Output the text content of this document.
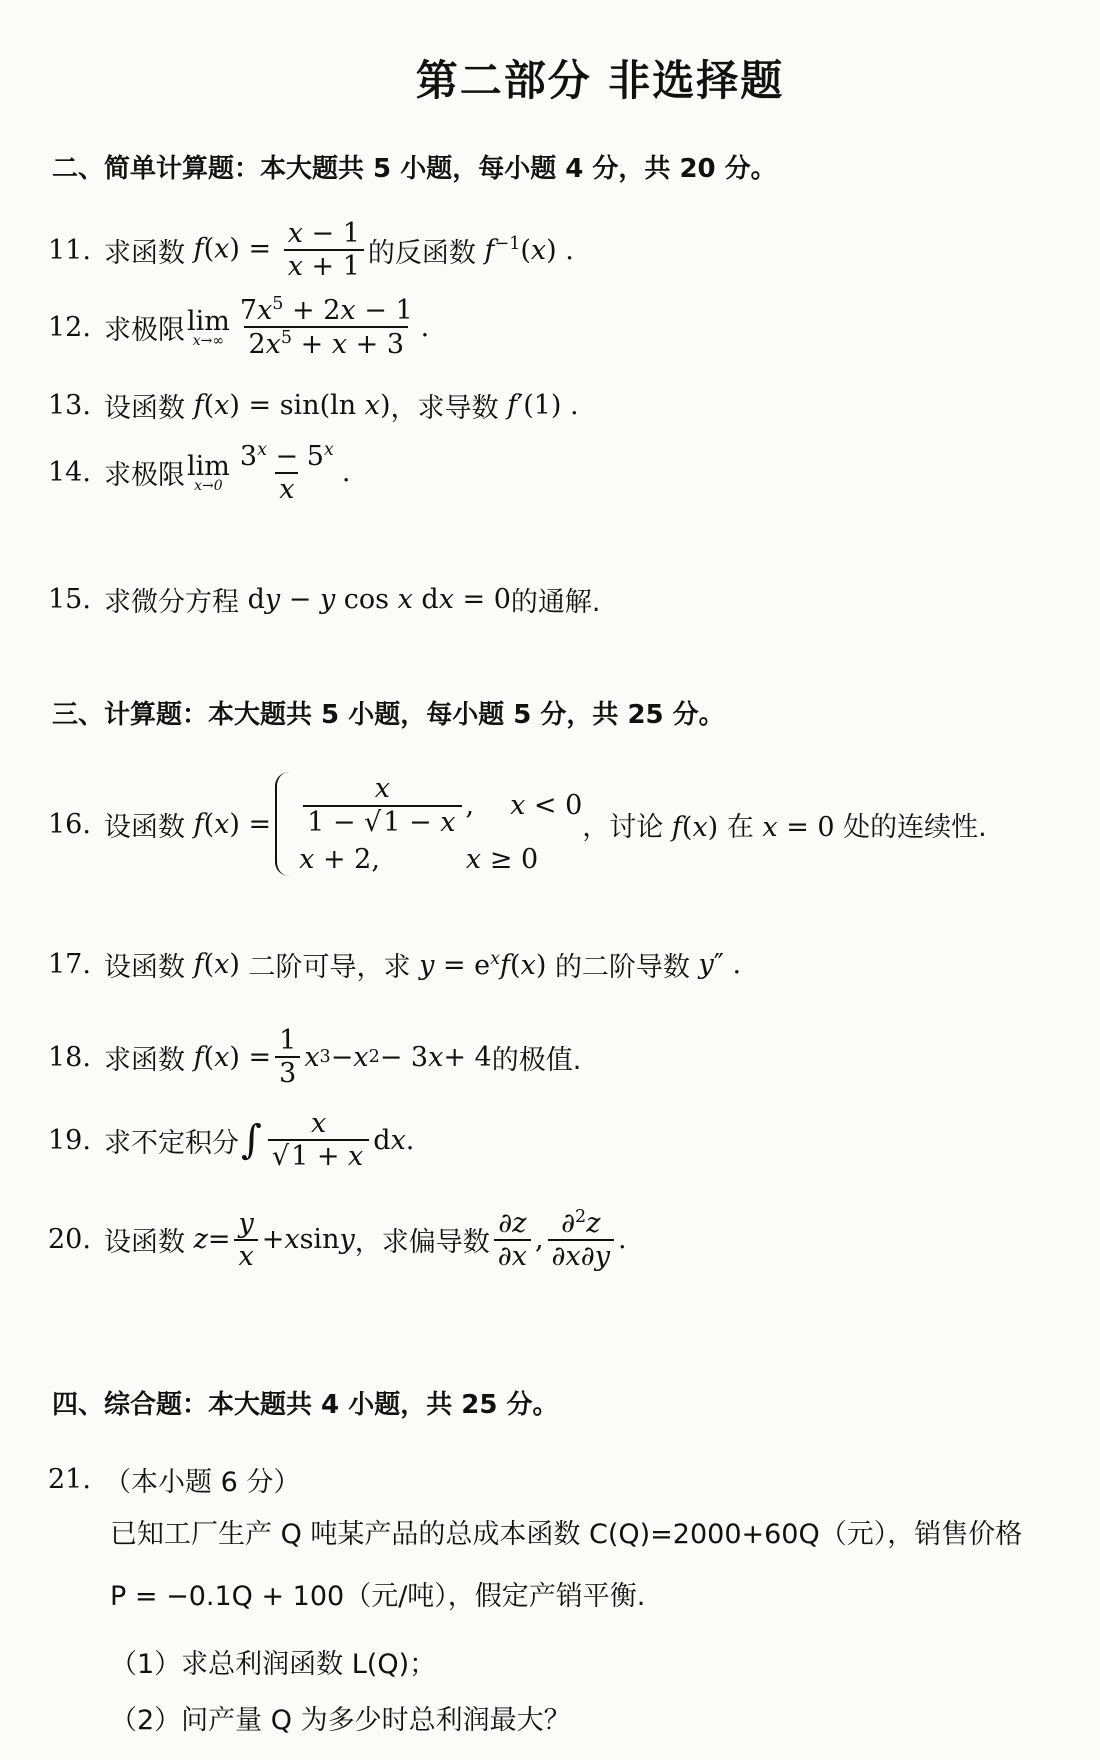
第二部分 非选择题
二、简单计算题：本大题共 5 小题，每小题 4 分，共 20 分。
11. 求函数 $f(x) = \frac{x - 1}{x + 1}$ 的反函数 $f^{-1}(x)$ .
12. 求极限 lim
$x\to\infty \frac{7x^5 + 2x - 1}{2x^5 + x + 3}$ .
13. 设函数 f(x) = sin(ln x) ，求导数 f′(1) .
14. 求极限 lim
$x\to 0 \frac{3^x - 5^x}{x}$ .
15. 求微分方程 dy − y cos x dx = 0 的通解.
三、计算题：本大题共 5 小题，每小题 5 分，共 25 分。
16. 设函数
f ( x ) = $\frac{x}{1 - √1 - x}$ , x < 0
x + 2,	x ≥ 0
，讨论 f(x) 在 x = 0 处的连续性.
17. 设函数 f(x) 二阶可导，求 $y = e^xf(x)$ 的二阶导数 y″ .
18. 求函数
f ( x ) = $\frac{1}{3}$ x 3 − x 2 − 3 x + 4 的极值.
19. 求不定积分 ∫ $\frac{x}{√1 + x}$ d x .
20. 设函数
$z = \frac{y}{x} + x$ sin y ，求偏导数 $\frac{\partial z}{\partial x}$ , $\frac{\partial^2z}{\partial x\partial y}$ .
四、综合题：本大题共 4 小题，共 25 分。
21. （本小题 6 分）
已知工厂生产 Q 吨某产品的总成本函数 C(Q)=2000+60Q（元），销售价格
P = −0.1Q + 100（元/吨），假定产销平衡.
（1）求总利润函数 L(Q)；
（2）问产量 Q 为多少时总利润最大？
